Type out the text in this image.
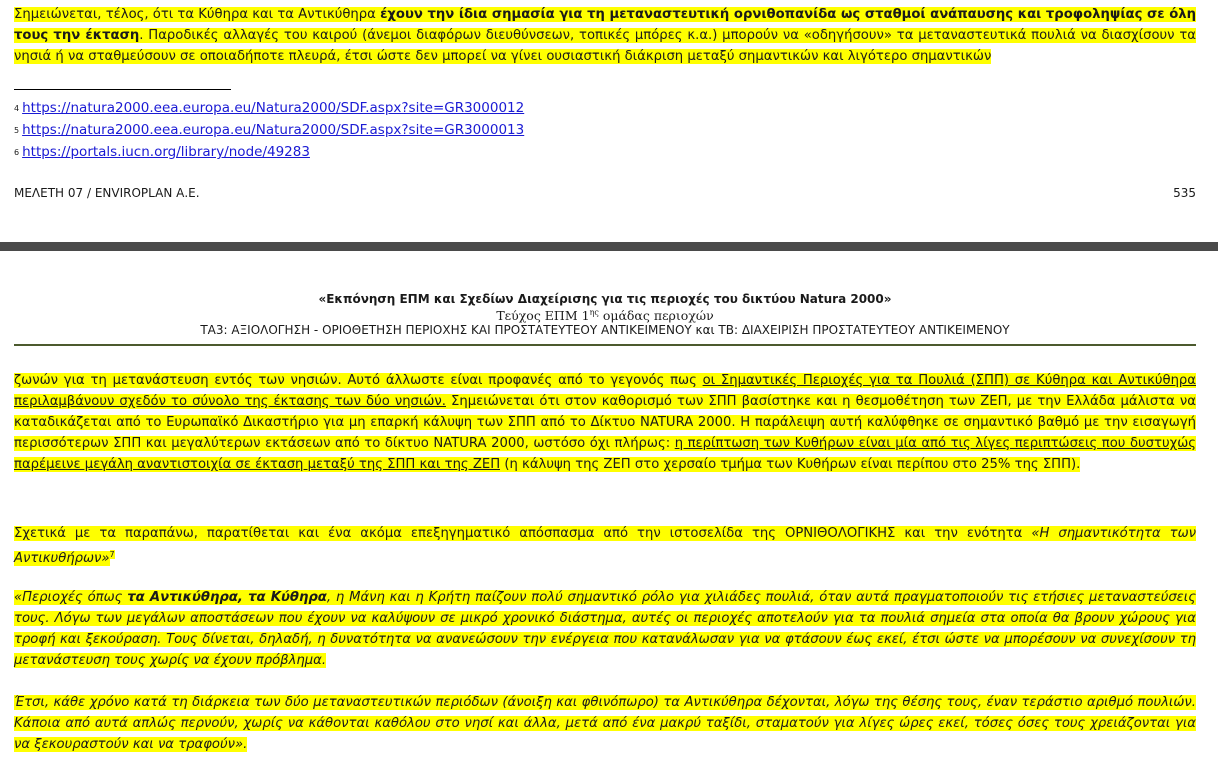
Σημειώνεται, τέλος, ότι τα Κύθηρα και τα Αντικύθηρα έχουν την ίδια σημασία για τη μεταναστευτική ορνιθοπανίδα ως σταθμοί ανάπαυσης και τροφοληψίας σε όλη τους την έκταση. Παροδικές αλλαγές του καιρού (άνεμοι διαφόρων διευθύνσεων, τοπικές μπόρες κ.α.) μπορούν να «οδηγήσουν» τα μεταναστευτικά πουλιά να διασχίσουν τα νησιά ή να σταθμεύσουν σε οποιαδήποτε πλευρά, έτσι ώστε δεν μπορεί να γίνει ουσιαστική διάκριση μεταξύ σημαντικών και λιγότερο σημαντικών
$^4$ https://natura2000.eea.europa.eu/Natura2000/SDF.aspx?site=GR3000012
$^5$ https://natura2000.eea.europa.eu/Natura2000/SDF.aspx?site=GR3000013
$^6$ https://portals.iucn.org/library/node/49283
ΜΕΛΕΤΗ 07 / ENVIROPLAN Α.Ε.	535
«Εκπόνηση ΕΠΜ και Σχεδίων Διαχείρισης για τις περιοχές του δικτύου Natura 2000»
Τεύχος ΕΠΜ $1^{\eta\varsigma}$ ομάδας περιοχών
ΤΑ3: ΑΞΙΟΛΟΓΗΣΗ - ΟΡΙΟΘΕΤΗΣΗ ΠΕΡΙΟΧΗΣ ΚΑΙ ΠΡΟΣΤΑΤΕΥΤΕΟΥ ΑΝΤΙΚΕΙΜΕΝΟΥ και ΤΒ: ΔΙΑΧΕΙΡΙΣΗ ΠΡΟΣΤΑΤΕΥΤΕΟΥ ΑΝΤΙΚΕΙΜΕΝΟΥ
ζωνών για τη μετανάστευση εντός των νησιών. Αυτό άλλωστε είναι προφανές από το γεγονός πως οι Σημαντικές Περιοχές για τα Πουλιά (ΣΠΠ) σε Κύθηρα και Αντικύθηρα περιλαμβάνουν σχεδόν το σύνολο της έκτασης των δύο νησιών. Σημειώνεται ότι στον καθορισμό των ΣΠΠ βασίστηκε και η θεσμοθέτηση των ΖΕΠ, με την Ελλάδα μάλιστα να καταδικάζεται από το Ευρωπαϊκό Δικαστήριο για μη επαρκή κάλυψη των ΣΠΠ από το Δίκτυο NATURA 2000. Η παράλειψη αυτή καλύφθηκε σε σημαντικό βαθμό με την εισαγωγή περισσότερων ΣΠΠ και μεγαλύτερων εκτάσεων από το δίκτυο NATURA 2000, ωστόσο όχι πλήρως: η περίπτωση των Κυθήρων είναι μία από τις λίγες περιπτώσεις που δυστυχώς παρέμεινε μεγάλη αναντιστοιχία σε έκταση μεταξύ της ΣΠΠ και της ΖΕΠ (η κάλυψη της ΖΕΠ στο χερσαίο τμήμα των Κυθήρων είναι περίπου στο 25% της ΣΠΠ).
Σχετικά με τα παραπάνω, παρατίθεται και ένα ακόμα επεξηγηματικό απόσπασμα από την ιστοσελίδα της ΟΡΝΙΘΟΛΟΓΙΚΗΣ και την ενότητα «Η σημαντικότητα των Αντικυθήρων»$^7$
«Περιοχές όπως τα Αντικύθηρα, τα Κύθηρα, η Μάνη και η Κρήτη παίζουν πολύ σημαντικό ρόλο για χιλιάδες πουλιά, όταν αυτά πραγματοποιούν τις ετήσιες μεταναστεύσεις τους. Λόγω των μεγάλων αποστάσεων που έχουν να καλύψουν σε μικρό χρονικό διάστημα, αυτές οι περιοχές αποτελούν για τα πουλιά σημεία στα οποία θα βρουν χώρους για τροφή και ξεκούραση. Τους δίνεται, δηλαδή, η δυνατότητα να ανανεώσουν την ενέργεια που κατανάλωσαν για να φτάσουν έως εκεί, έτσι ώστε να μπορέσουν να συνεχίσουν τη μετανάστευση τους χωρίς να έχουν πρόβλημα.
Έτσι, κάθε χρόνο κατά τη διάρκεια των δύο μεταναστευτικών περιόδων (άνοιξη και φθινόπωρο) τα Αντικύθηρα δέχονται, λόγω της θέσης τους, έναν τεράστιο αριθμό πουλιών. Κάποια από αυτά απλώς περνούν, χωρίς να κάθονται καθόλου στο νησί και άλλα, μετά από ένα μακρύ ταξίδι, σταματούν για λίγες ώρες εκεί, τόσες όσες τους χρειάζονται για να ξεκουραστούν και να τραφούν».
